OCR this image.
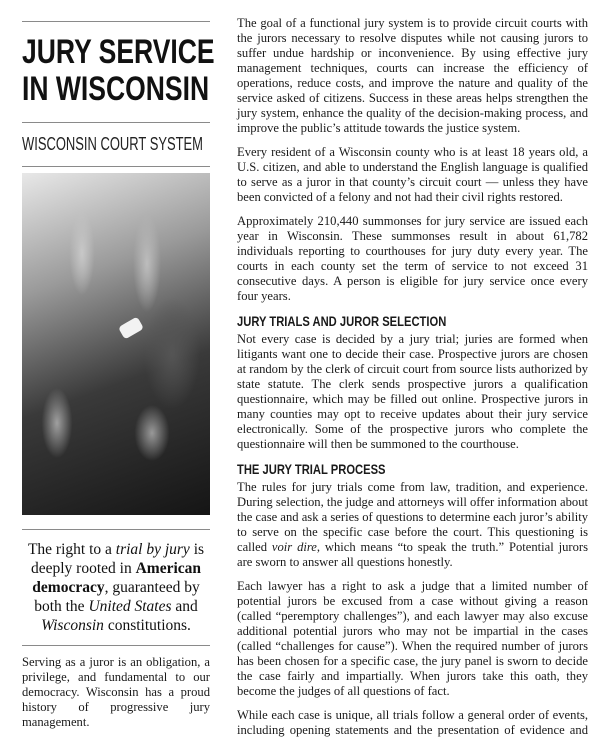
JURY SERVICE
IN WISCONSIN
WISCONSIN COURT SYSTEM
The right to a trial by jury is deeply rooted in American democracy, guaranteed by both the United States and Wisconsin constitutions.
Serving as a juror is an obligation, a privilege, and fundamental to our democracy. Wisconsin has a proud history of progressive jury management.

The goal of a functional jury system is to provide circuit courts with the jurors necessary to resolve disputes while not causing jurors to suffer undue hardship or inconvenience. By using effective jury management techniques, courts can increase the efficiency of operations, reduce costs, and improve the nature and quality of the service asked of citizens. Success in these areas helps strengthen the jury system, enhance the quality of the decision-making process, and improve the public’s attitude towards the justice system.

Every resident of a Wisconsin county who is at least 18 years old, a U.S. citizen, and able to understand the English language is qualified to serve as a juror in that county’s circuit court — unless they have been convicted of a felony and not had their civil rights restored.

Approximately 210,440 summonses for jury service are issued each year in Wisconsin. These summonses result in about 61,782 individuals reporting to courthouses for jury duty every year. The courts in each county set the term of service to not exceed 31 consecutive days. A person is eligible for jury service once every four years.

JURY TRIALS AND JUROR SELECTION

Not every case is decided by a jury trial; juries are formed when litigants want one to decide their case. Prospective jurors are chosen at random by the clerk of circuit court from source lists authorized by state statute. The clerk sends prospective jurors a qualification questionnaire, which may be filled out online. Prospective jurors in many counties may opt to receive updates about their jury service electronically. Some of the prospective jurors who complete the questionnaire will then be summoned to the courthouse.

THE JURY TRIAL PROCESS

The rules for jury trials come from law, tradition, and experience. During selection, the judge and attorneys will offer information about the case and ask a series of questions to determine each juror’s ability to serve on the specific case before the court. This questioning is called voir dire, which means “to speak the truth.” Potential jurors are sworn to answer all questions honestly.

Each lawyer has a right to ask a judge that a limited number of potential jurors be excused from a case without giving a reason (called “peremptory challenges”), and each lawyer may also excuse additional potential jurors who may not be impartial in the cases (called “challenges for cause”). When the required number of jurors has been chosen for a specific case, the jury panel is sworn to decide the case fairly and impartially. When jurors take this oath, they become the judges of all questions of fact.

While each case is unique, all trials follow a general order of events, including opening statements and the presentation of evidence and
